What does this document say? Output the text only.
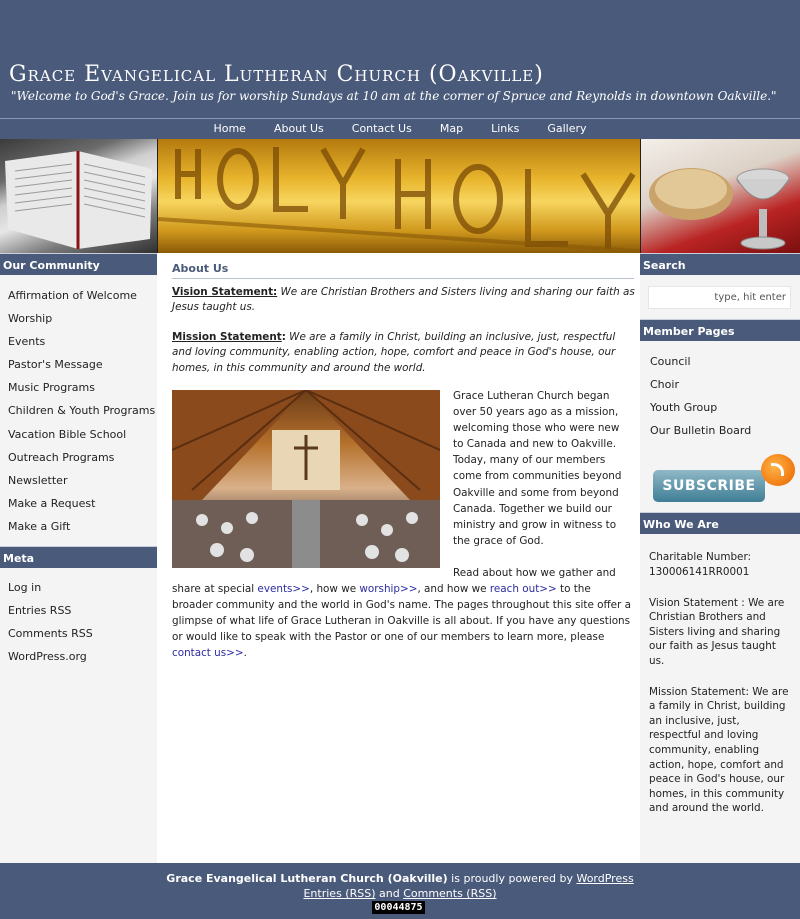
Grace Evangelical Lutheran Church (Oakville)
"Welcome to God's Grace. Join us for worship Sundays at 10 am at the corner of Spruce and Reynolds in downtown Oakville."
Home	About Us	Contact Us	Map	Links	Gallery
Our Community
Affirmation of Welcome
Worship
Events
Pastor's Message
Music Programs
Children & Youth Programs
Vacation Bible School
Outreach Programs
Newsletter
Make a Request
Make a Gift
Meta
Log in
Entries RSS
Comments RSS
WordPress.org
About Us
Vision Statement: We are Christian Brothers and Sisters living and sharing our faith as Jesus taught us.
Mission Statement: We are a family in Christ, building an inclusive, just, respectful and loving community, enabling action, hope, comfort and peace in God's house, our homes, in this community and around the world.
Grace Lutheran Church began over 50 years ago as a mission, welcoming those who were new to Canada and new to Oakville. Today, many of our members come from communities beyond Oakville and some from beyond Canada. Together we build our ministry and grow in witness to the grace of God.
Read about how we gather and
share at special events>>, how we worship>>, and how we reach out>> to the broader community and the world in God's name. The pages throughout this site offer a glimpse of what life of Grace Lutheran in Oakville is all about. If you have any questions or would like to speak with the Pastor or one of our members to learn more, please contact us>>.
Search
type, hit enter
Member Pages
Council
Choir
Youth Group
Our Bulletin Board
SUBSCRIBE
Who We Are

Charitable Number: 130006141RR0001

Vision Statement : We are Christian Brothers and Sisters living and sharing our faith as Jesus taught us.

Mission Statement: We are a family in Christ, building an inclusive, just, respectful and loving community, enabling action, hope, comfort and peace in God's house, our homes, in this community and around the world.

Grace Evangelical Lutheran Church (Oakville) is proudly powered by WordPress
Entries (RSS) and Comments (RSS)
00044875
